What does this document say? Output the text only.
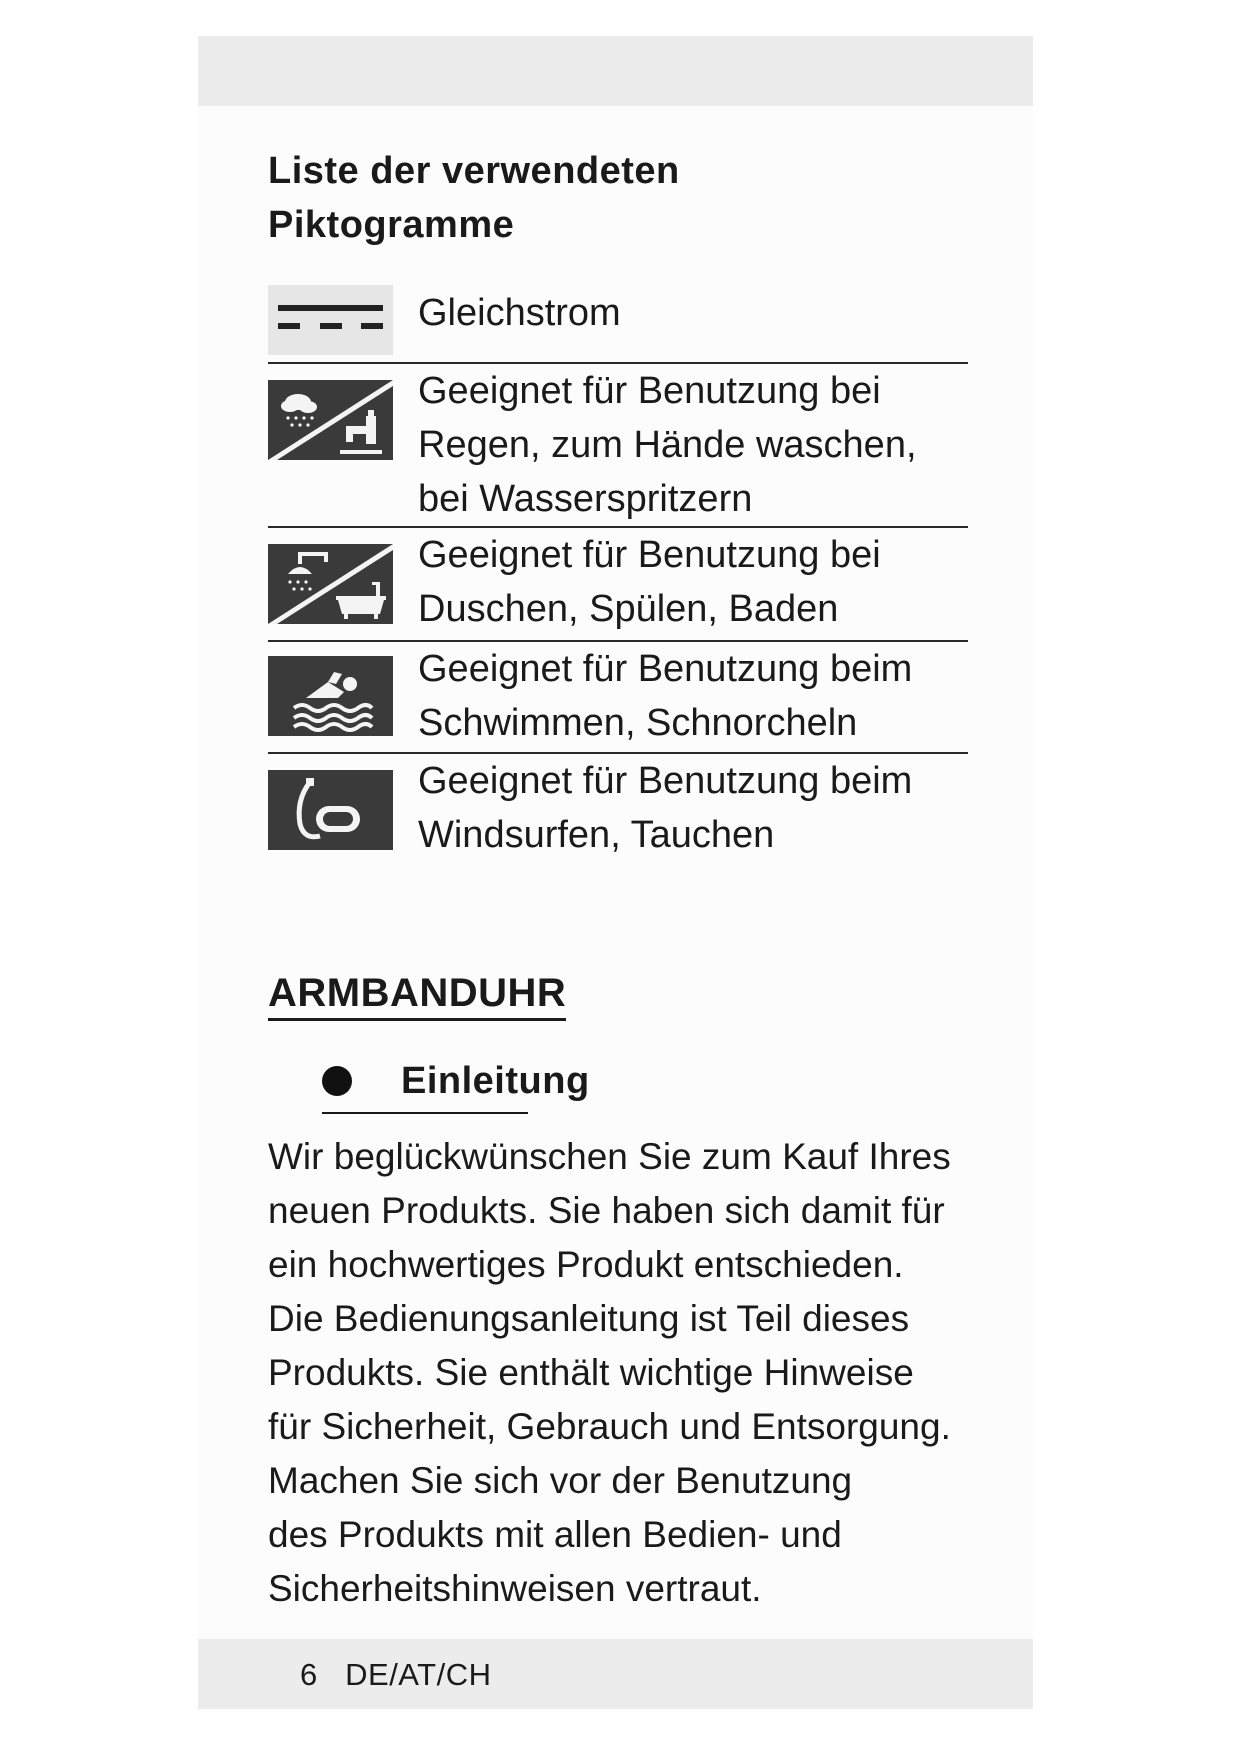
Liste der verwendeten
Piktogramme
Gleichstrom
Geeignet für Benutzung bei
Regen, zum Hände waschen,
bei Wasserspritzern
Geeignet für Benutzung bei
Duschen, Spülen, Baden
Geeignet für Benutzung beim
Schwimmen, Schnorcheln
Geeignet für Benutzung beim
Windsurfen, Tauchen
ARMBANDUHR
Einleitung

Wir beglückwünschen Sie zum Kauf Ihres

neuen Produkts. Sie haben sich damit für

ein hochwertiges Produkt entschieden.

Die Bedienungsanleitung ist Teil dieses

Produkts. Sie enthält wichtige Hinweise

für Sicherheit, Gebrauch und Entsorgung.

Machen Sie sich vor der Benutzung

des Produkts mit allen Bedien- und

Sicherheitshinweisen vertraut.

6 DE/AT/CH
